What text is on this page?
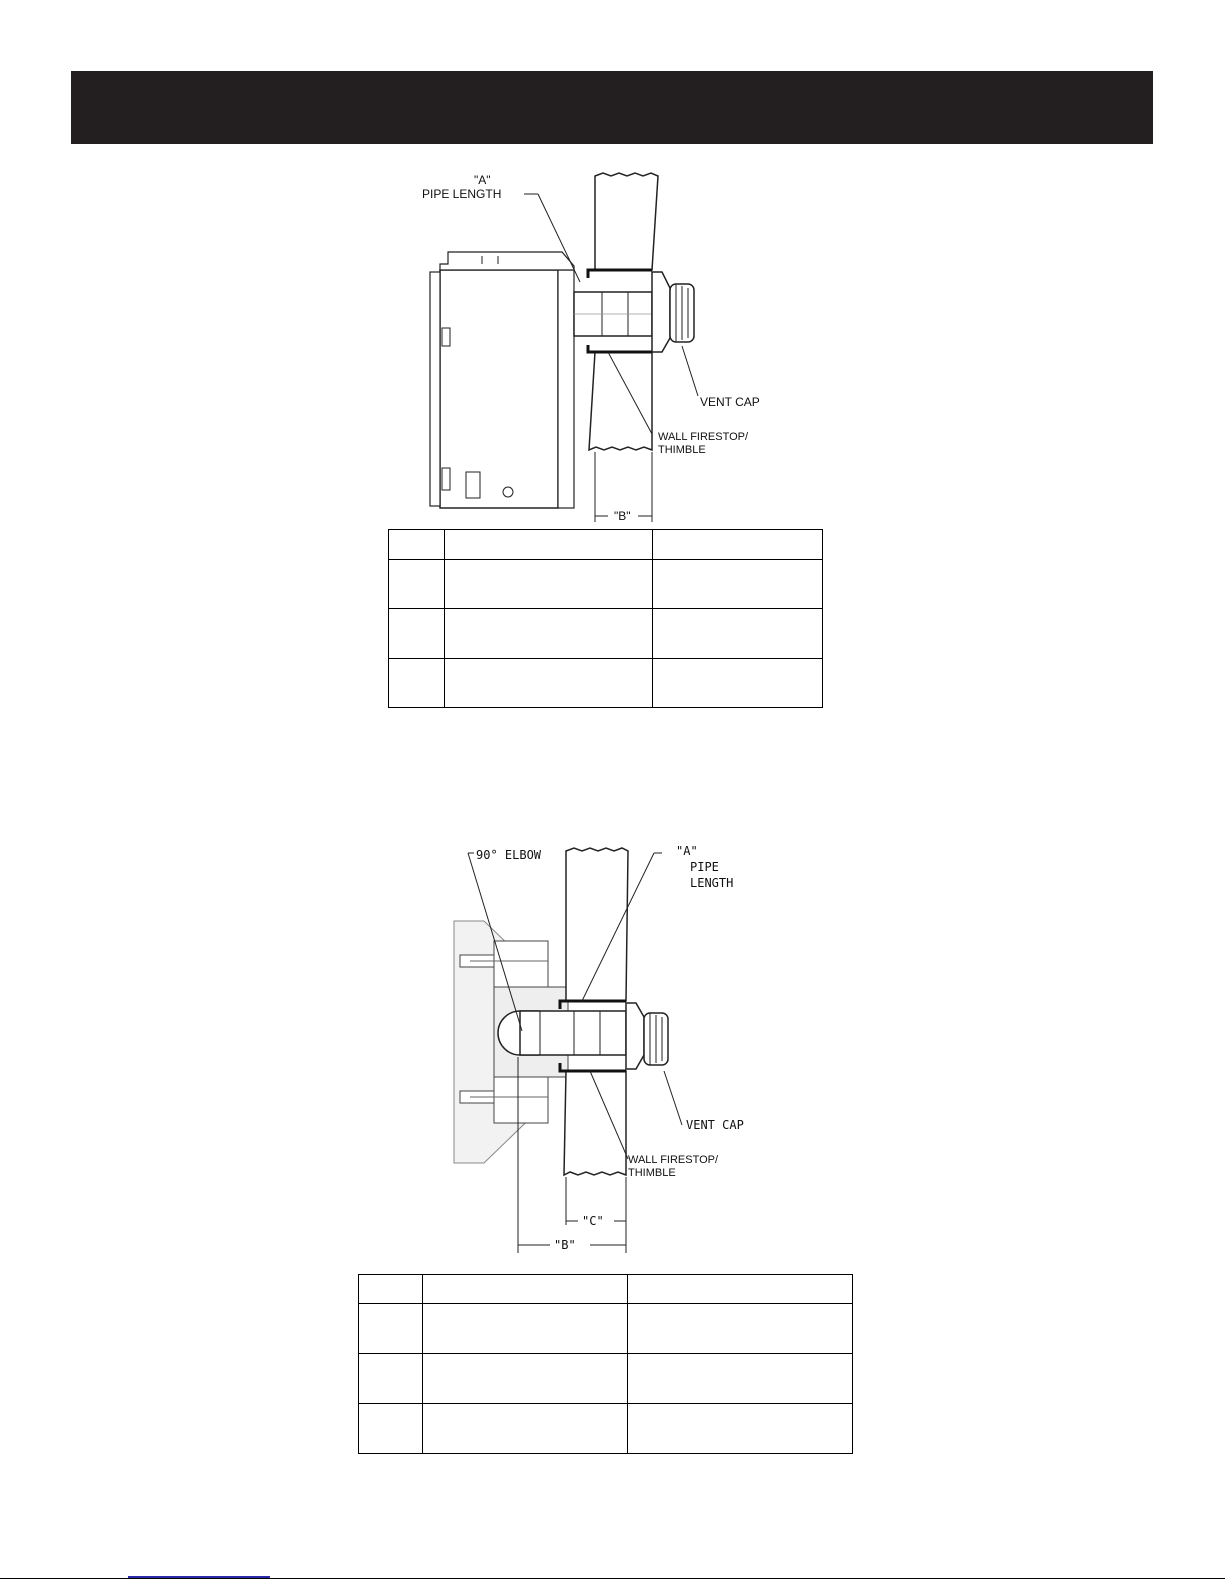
"A"
PIPE LENGTH
VENT CAP
WALL FIRESTOP/
THIMBLE
"B"

90° ELBOW	"A"
PIPE
LENGTH
VENT CAP
WALL FIRESTOP/
THIMBLE
"C"
"B"
